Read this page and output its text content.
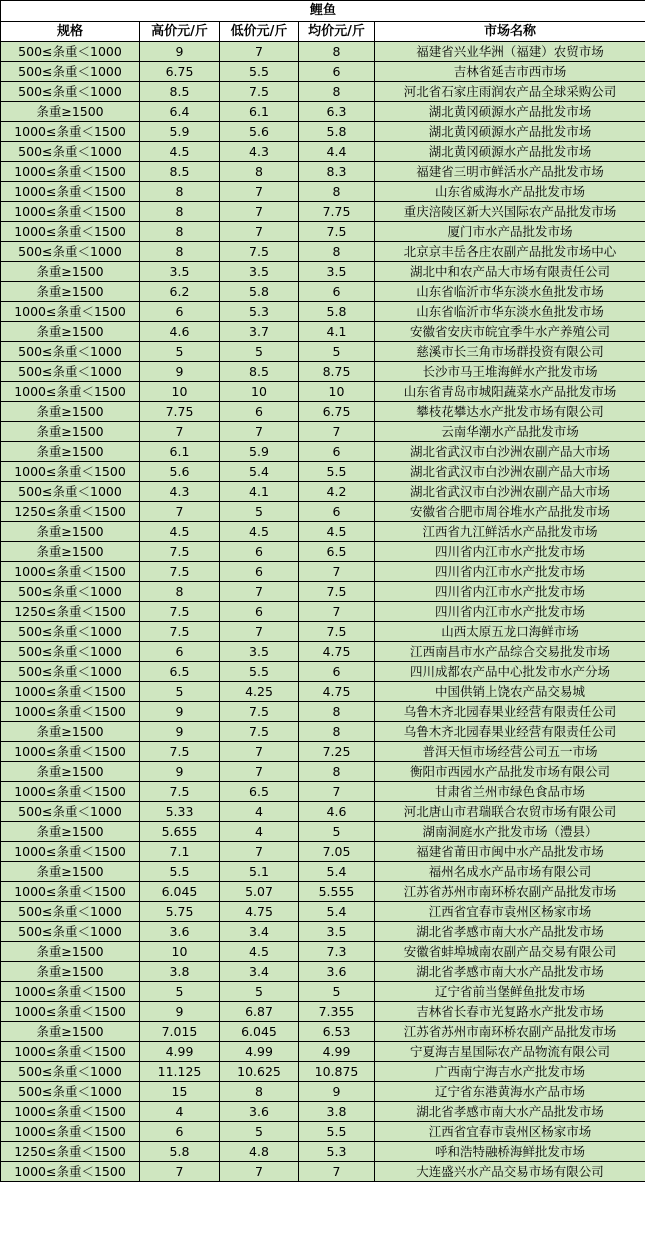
鲤鱼				
规格	高价元/斤	低价元/斤	均价元/斤	市场名称
500≤条重＜1000	9	7	8	福建省兴业华洲（福建）农贸市场
500≤条重＜1000	6.75	5.5	6	吉林省延吉市西市场
500≤条重＜1000	8.5	7.5	8	河北省石家庄雨润农产品全球采购公司
条重≥1500	6.4	6.1	6.3	湖北黄冈硕源水产品批发市场
1000≤条重＜1500	5.9	5.6	5.8	湖北黄冈硕源水产品批发市场
500≤条重＜1000	4.5	4.3	4.4	湖北黄冈硕源水产品批发市场
1000≤条重＜1500	8.5	8	8.3	福建省三明市鲜活水产品批发市场
1000≤条重＜1500	8	7	8	山东省威海水产品批发市场
1000≤条重＜1500	8	7	7.75	重庆涪陵区新大兴国际农产品批发市场
1000≤条重＜1500	8	7	7.5	厦门市水产品批发市场
500≤条重＜1000	8	7.5	8	北京京丰岳各庄农副产品批发市场中心
条重≥1500	3.5	3.5	3.5	湖北中和农产品大市场有限责任公司
条重≥1500	6.2	5.8	6	山东省临沂市华东淡水鱼批发市场
1000≤条重＜1500	6	5.3	5.8	山东省临沂市华东淡水鱼批发市场
条重≥1500	4.6	3.7	4.1	安徽省安庆市皖宜季牛水产养殖公司
500≤条重＜1000	5	5	5	慈溪市长三角市场群投资有限公司
500≤条重＜1000	9	8.5	8.75	长沙市马王堆海鲜水产批发市场
1000≤条重＜1500	10	10	10	山东省青岛市城阳蔬菜水产品批发市场
条重≥1500	7.75	6	6.75	攀枝花攀达水产批发市场有限公司
条重≥1500	7	7	7	云南华潮水产品批发市场
条重≥1500	6.1	5.9	6	湖北省武汉市白沙洲农副产品大市场
1000≤条重＜1500	5.6	5.4	5.5	湖北省武汉市白沙洲农副产品大市场
500≤条重＜1000	4.3	4.1	4.2	湖北省武汉市白沙洲农副产品大市场
1250≤条重＜1500	7	5	6	安徽省合肥市周谷堆水产品批发市场
条重≥1500	4.5	4.5	4.5	江西省九江鲜活水产品批发市场
条重≥1500	7.5	6	6.5	四川省内江市水产批发市场
1000≤条重＜1500	7.5	6	7	四川省内江市水产批发市场
500≤条重＜1000	8	7	7.5	四川省内江市水产批发市场
1250≤条重＜1500	7.5	6	7	四川省内江市水产批发市场
500≤条重＜1000	7.5	7	7.5	山西太原五龙口海鲜市场
500≤条重＜1000	6	3.5	4.75	江西南昌市水产品综合交易批发市场
500≤条重＜1000	6.5	5.5	6	四川成都农产品中心批发市水产分场
1000≤条重＜1500	5	4.25	4.75	中国供销上饶农产品交易城
1000≤条重＜1500	9	7.5	8	乌鲁木齐北园春果业经营有限责任公司
条重≥1500	9	7.5	8	乌鲁木齐北园春果业经营有限责任公司
1000≤条重＜1500	7.5	7	7.25	普洱天恒市场经营公司五一市场
条重≥1500	9	7	8	衡阳市西园水产品批发市场有限公司
1000≤条重＜1500	7.5	6.5	7	甘肃省兰州市绿色食品市场
500≤条重＜1000	5.33	4	4.6	河北唐山市君瑞联合农贸市场有限公司
条重≥1500	5.655	4	5	湖南洞庭水产批发市场（澧县）
1000≤条重＜1500	7.1	7	7.05	福建省莆田市闽中水产品批发市场
条重≥1500	5.5	5.1	5.4	福州名成水产品市场有限公司
1000≤条重＜1500	6.045	5.07	5.555	江苏省苏州市南环桥农副产品批发市场
500≤条重＜1000	5.75	4.75	5.4	江西省宜春市袁州区杨家市场
500≤条重＜1000	3.6	3.4	3.5	湖北省孝感市南大水产品批发市场
条重≥1500	10	4.5	7.3	安徽省蚌埠城南农副产品交易有限公司
条重≥1500	3.8	3.4	3.6	湖北省孝感市南大水产品批发市场
1000≤条重＜1500	5	5	5	辽宁省前当堡鲜鱼批发市场
1000≤条重＜1500	9	6.87	7.355	吉林省长春市光复路水产批发市场
条重≥1500	7.015	6.045	6.53	江苏省苏州市南环桥农副产品批发市场
1000≤条重＜1500	4.99	4.99	4.99	宁夏海吉星国际农产品物流有限公司
500≤条重＜1000	11.125	10.625	10.875	广西南宁海吉水产批发市场
500≤条重＜1000	15	8	9	辽宁省东港黄海水产品市场
1000≤条重＜1500	4	3.6	3.8	湖北省孝感市南大水产品批发市场
1000≤条重＜1500	6	5	5.5	江西省宜春市袁州区杨家市场
1250≤条重＜1500	5.8	4.8	5.3	呼和浩特融桥海鲜批发市场
1000≤条重＜1500	7	7	7	大连盛兴水产品交易市场有限公司
